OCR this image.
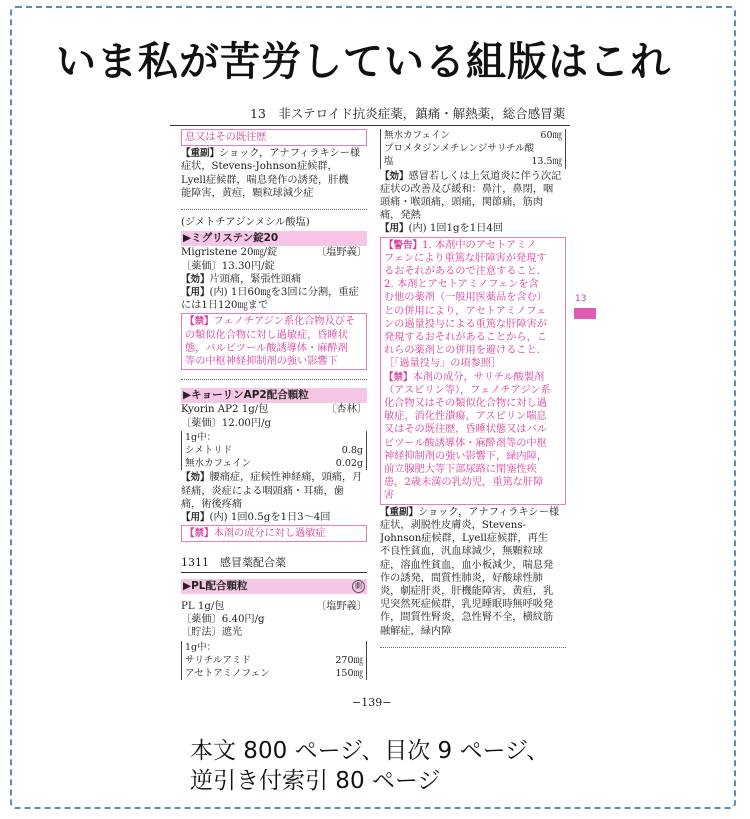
いま私が苦労している組版はこれ
13　非ステロイド抗炎症薬，鎮痛・解熱薬，総合感冒薬
息又はその既往歴
【重副】ショック，アナフィラキシー様
症状，Stevens-Johnson症候群，
Lyell症候群，喘息発作の誘発，肝機
能障害，黄疸，顆粒球減少症
(ジメトチアジンメシル酸塩)
▶ミグリステン錠20
Migristene 20㎎/錠	〔塩野義〕
〔薬価〕13.30円/錠
【効】片頭痛，緊張性頭痛
【用】(内) 1日60㎎を3回に分割，重症
には1日120㎎まで
【禁】フェノチアジン系化合物及びそ
の類似化合物に対し過敏症，昏睡状
態，バルビツール酸誘導体・麻酔剤
等の中枢神経抑制剤の強い影響下
▶キョーリンAP2配合顆粒
Kyorin AP2 1g/包	〔杏林〕
〔薬価〕12.00円/g
1g中：
シメトリド	0.8g
無水カフェイン	0.02g
【効】腰痛症，症候性神経痛，頭痛，月
経痛，炎症による咽頭痛・耳痛，歯
痛，術後疼痛
【用】(内) 1回0.5gを1日3～4回
【禁】本剤の成分に対し過敏症
1311　感冒薬配合薬
▶PL配合顆粒	劇
PL 1g/包	〔塩野義〕
〔薬価〕6.40円/g
〔貯法〕遮光
1g中：
サリチルアミド	270㎎
アセトアミノフェン	150㎎
無水カフェイン	60㎎
プロメタジンメチレンジサリチル酸
塩	13.5㎎
【効】感冒若しくは上気道炎に伴う次記
症状の改善及び緩和：鼻汁，鼻閉，咽
頭痛・喉頭痛，頭痛，関節痛，筋肉
痛，発熱
【用】(内) 1回1gを1日4回
【警告】1. 本剤中のアセトアミノ
フェンにより重篤な肝障害が発現す
るおそれがあるので注意すること．
2. 本剤とアセトアミノフェンを含
む他の薬剤（一般用医薬品を含む）
との併用により，アセトアミノフェ
ンの過量投与による重篤な肝障害が
発現するおそれがあることから，こ
れらの薬剤との併用を避けること．
［「過量投与」の項参照］
【禁】本剤の成分，サリチル酸製剤
（アスピリン等），フェノチアジン系
化合物又はその類似化合物に対し過
敏症，消化性潰瘍，アスピリン喘息
又はその既往歴，昏睡状態又はバル
ビツール酸誘導体・麻酔剤等の中枢
神経抑制剤の強い影響下，緑内障，
前立腺肥大等下部尿路に閉塞性疾
患，2歳未満の乳幼児，重篤な肝障
害
【重副】ショック，アナフィラキシー様
症状，剥脱性皮膚炎，Stevens-
Johnson症候群，Lyell症候群，再生
不良性貧血，汎血球減少，無顆粒球
症，溶血性貧血，血小板減少，喘息発
作の誘発，間質性肺炎，好酸球性肺
炎，劇症肝炎，肝機能障害，黄疸，乳
児突然死症候群，乳児睡眠時無呼吸発
作，間質性腎炎，急性腎不全，横紋筋
融解症，緑内障
13
−139−
本文 800 ページ、目次 9 ページ、
逆引き付索引 80 ページ
